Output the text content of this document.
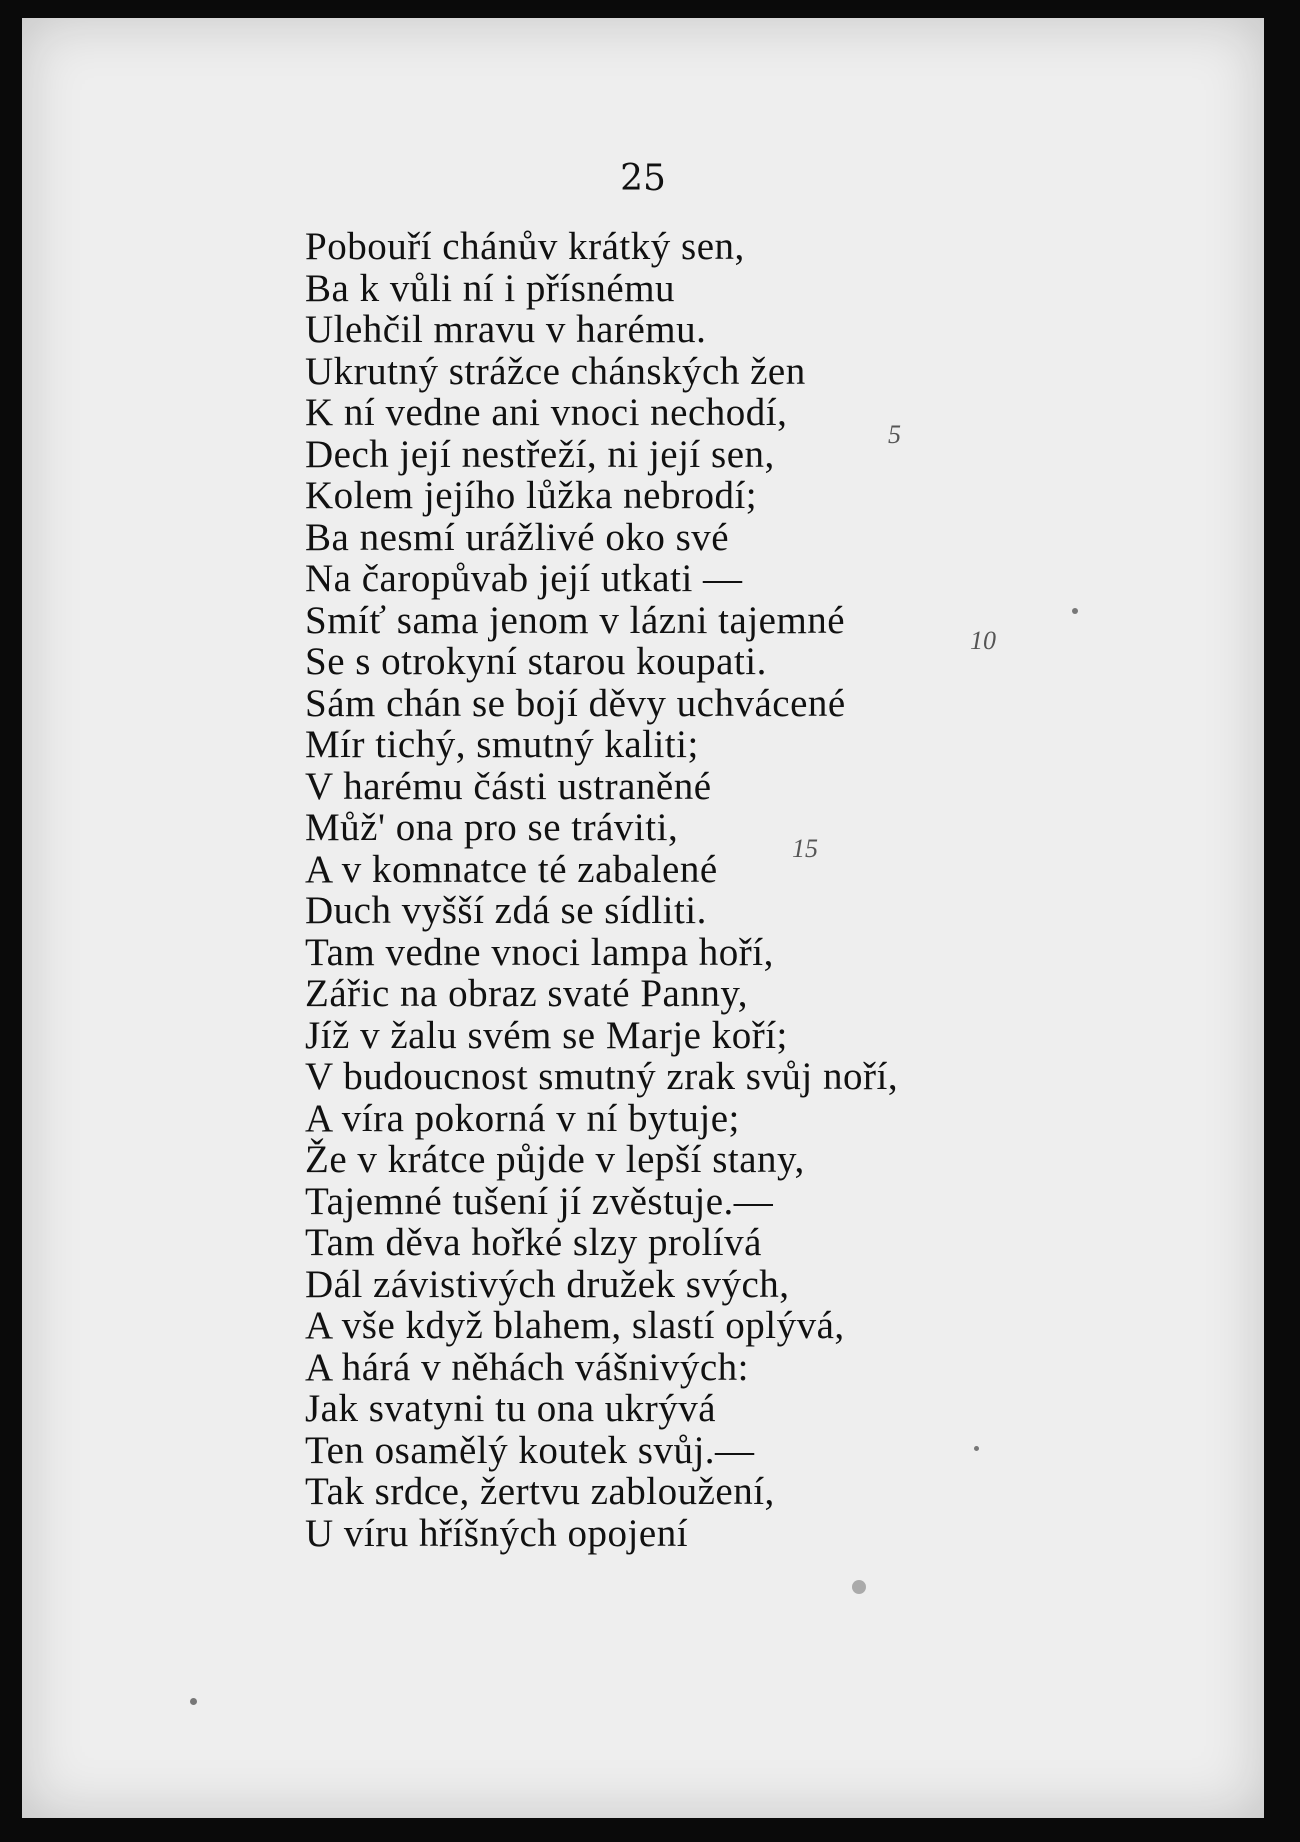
25
Pobouří chánův krátký sen,
Ba k vůli ní i přísnému
Ulehčil mravu v harému.
Ukrutný strážce chánských žen
K ní vedne ani vnoci nechodí,
Dech její nestřeží, ni její sen,
Kolem jejího lůžka nebrodí;
Ba nesmí urážlivé oko své
Na čaropůvab její utkati —
Smíť sama jenom v lázni tajemné
Se s otrokyní starou koupati.
Sám chán se bojí děvy uchvácené
Mír tichý, smutný kaliti;
V harému části ustraněné
Můž' ona pro se tráviti,
A v komnatce té zabalené
Duch vyšší zdá se sídliti.
Tam vedne vnoci lampa hoří,
Zářic na obraz svaté Panny,
Jíž v žalu svém se Marje koří;
V budoucnost smutný zrak svůj noří,
A víra pokorná v ní bytuje;
Že v krátce půjde v lepší stany,
Tajemné tušení jí zvěstuje.—
Tam děva hořké slzy prolívá
Dál závistivých družek svých,
A vše když blahem, slastí oplývá,
A hárá v něhách vášnivých:
Jak svatyni tu ona ukrývá
Ten osamělý koutek svůj.—
Tak srdce, žertvu zabloužení,
U víru hříšných opojení
5
10
15
